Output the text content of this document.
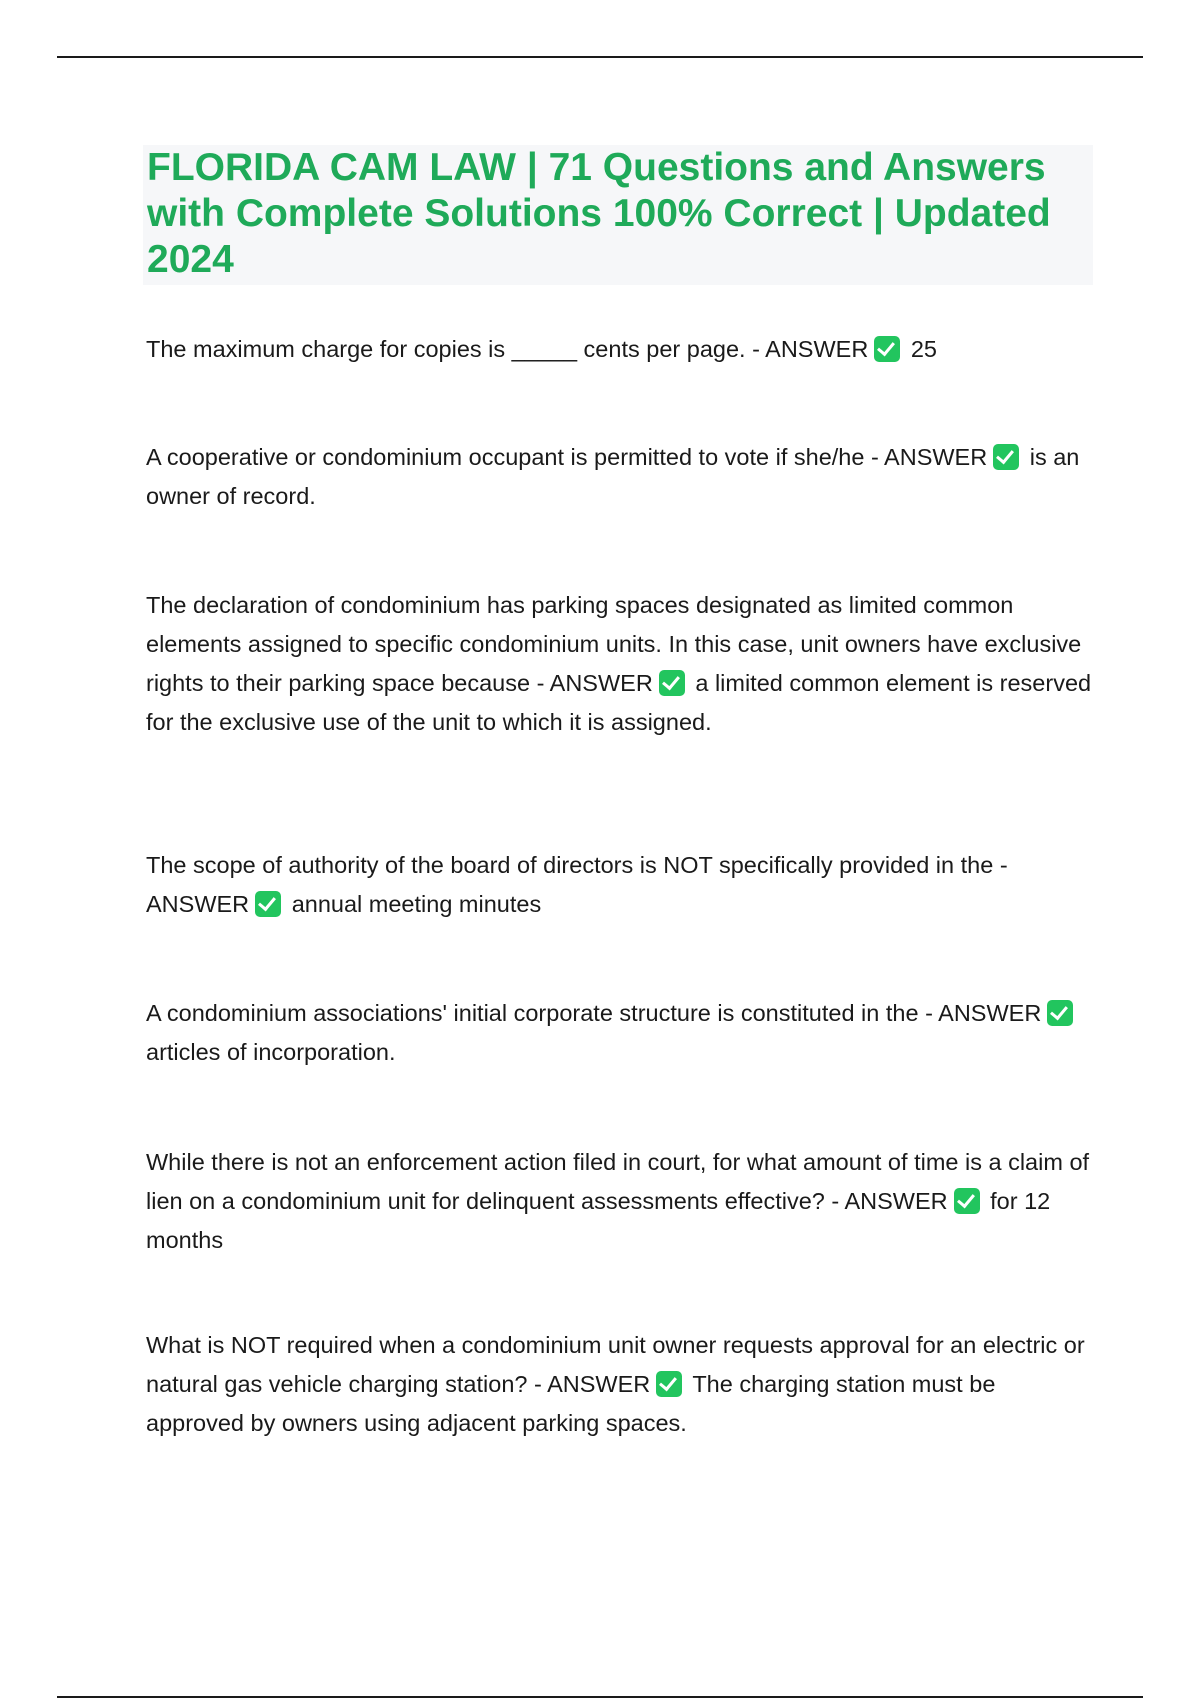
FLORIDA CAM LAW | 71 Questions and Answers with Complete Solutions 100% Correct | Updated 2024

The maximum charge for copies is _____ cents per page. - ANSWER 25

A cooperative or condominium occupant is permitted to vote if she/he - ANSWER is an owner of record.

The declaration of condominium has parking spaces designated as limited common elements assigned to specific condominium units. In this case, unit owners have exclusive rights to their parking space because - ANSWER a limited common element is reserved for the exclusive use of the unit to which it is assigned.

The scope of authority of the board of directors is NOT specifically provided in the - ANSWER annual meeting minutes

A condominium associations' initial corporate structure is constituted in the - ANSWER articles of incorporation.

While there is not an enforcement action filed in court, for what amount of time is a claim of lien on a condominium unit for delinquent assessments effective? - ANSWER for 12 months

What is NOT required when a condominium unit owner requests approval for an electric or natural gas vehicle charging station? - ANSWER The charging station must be approved by owners using adjacent parking spaces.
